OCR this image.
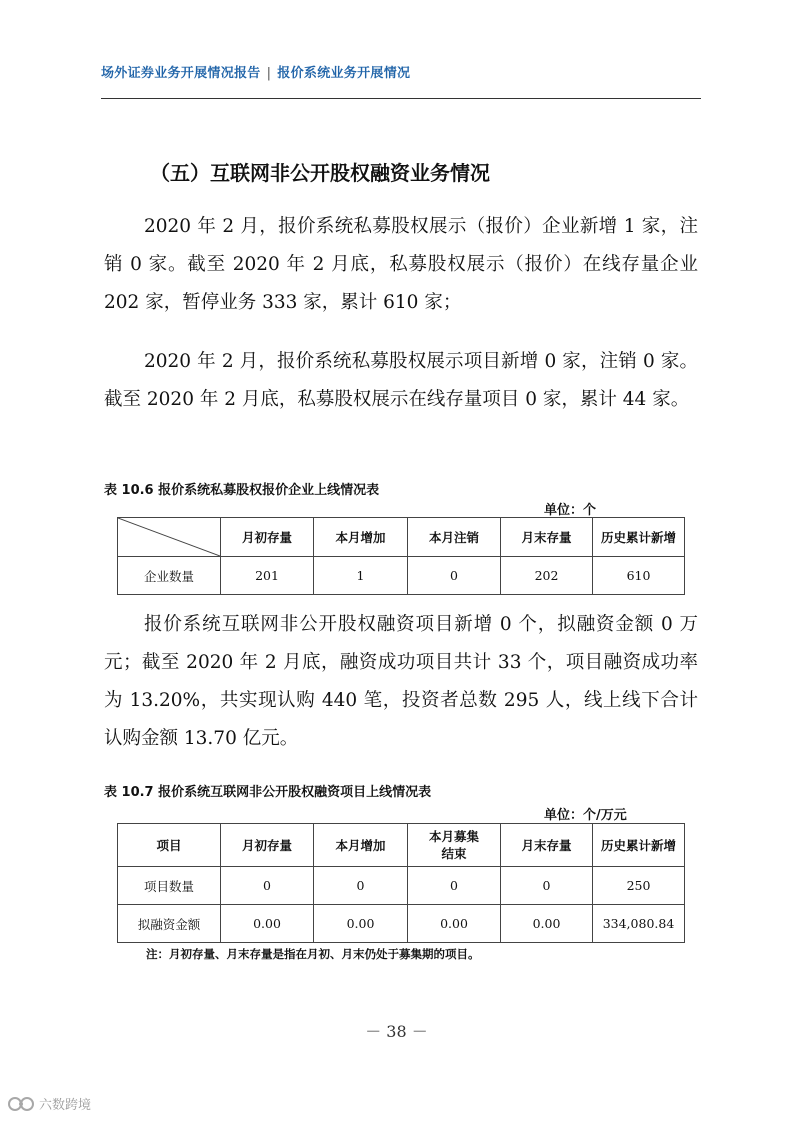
场外证券业务开展情况报告 | 报价系统业务开展情况
（五）互联网非公开股权融资业务情况
2020 年 2 月，报价系统私募股权展示（报价）企业新增 1 家，注销 0 家。截至 2020 年 2 月底，私募股权展示（报价）在线存量企业 202 家，暂停业务 333 家，累计 610 家；
2020 年 2 月，报价系统私募股权展示项目新增 0 家，注销 0 家。截至 2020 年 2 月底，私募股权展示在线存量项目 0 家，累计 44 家。
表 10.6 报价系统私募股权报价企业上线情况表
单位：个
	月初存量	本月增加	本月注销	月末存量	历史累计新增
企业数量	201	1	0	202	610
报价系统互联网非公开股权融资项目新增 0 个，拟融资金额 0 万元；截至 2020 年 2 月底，融资成功项目共计 33 个，项目融资成功率为 13.20%，共实现认购 440 笔，投资者总数 295 人，线上线下合计认购金额 13.70 亿元。
表 10.7 报价系统互联网非公开股权融资项目上线情况表
单位：个/万元
项目	月初存量	本月增加	本月募集结束	月末存量	历史累计新增
项目数量	0	0	0	0	250
拟融资金额	0.00	0.00	0.00	0.00	334,080.84
注：月初存量、月末存量是指在月初、月末仍处于募集期的项目。
－ 38 －
六数跨境
